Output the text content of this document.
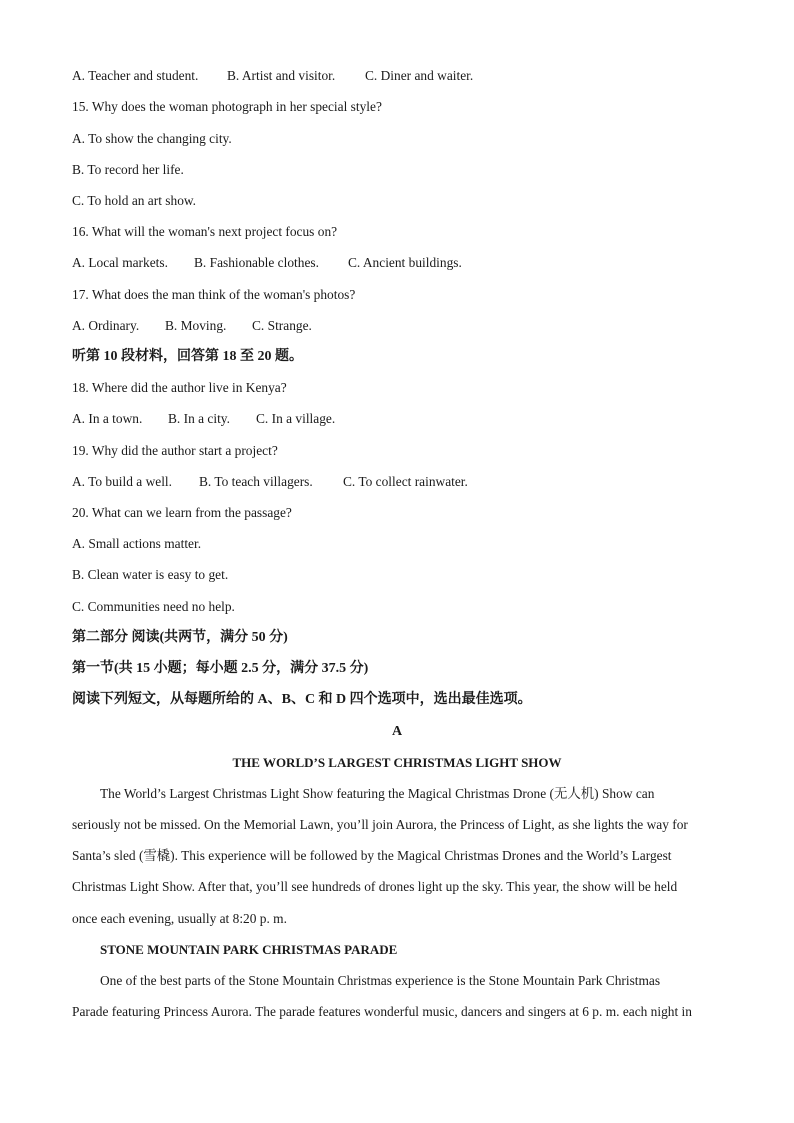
A. Teacher and student. B. Artist and visitor. C. Diner and waiter.
15. Why does the woman photograph in her special style?
A. To show the changing city.
B. To record her life.
C. To hold an art show.
16. What will the woman's next project focus on?
A. Local markets. B. Fashionable clothes. C. Ancient buildings.
17. What does the man think of the woman's photos?
A. Ordinary. B. Moving. C. Strange.
听第 10 段材料，回答第 18 至 20 题。
18. Where did the author live in Kenya?
A. In a town. B. In a city. C. In a village.
19. Why did the author start a project?
A. To build a well. B. To teach villagers. C. To collect rainwater.
20. What can we learn from the passage?
A. Small actions matter.
B. Clean water is easy to get.
C. Communities need no help.
第二部分 阅读(共两节，满分 50 分)
第一节(共 15 小题；每小题 2.5 分，满分 37.5 分)
阅读下列短文，从每题所给的 A、B、C 和 D 四个选项中，选出最佳选项。
A
THE WORLD’S LARGEST CHRISTMAS LIGHT SHOW
The World’s Largest Christmas Light Show featuring the Magical Christmas Drone (无人机) Show can
seriously not be missed. On the Memorial Lawn, you’ll join Aurora, the Princess of Light, as she lights the way for
Santa’s sled (雪橇). This experience will be followed by the Magical Christmas Drones and the World’s Largest
Christmas Light Show. After that, you’ll see hundreds of drones light up the sky. This year, the show will be held
once each evening, usually at 8:20 p. m.
STONE MOUNTAIN PARK CHRISTMAS PARADE
One of the best parts of the Stone Mountain Christmas experience is the Stone Mountain Park Christmas
Parade featuring Princess Aurora. The parade features wonderful music, dancers and singers at 6 p. m. each night in
